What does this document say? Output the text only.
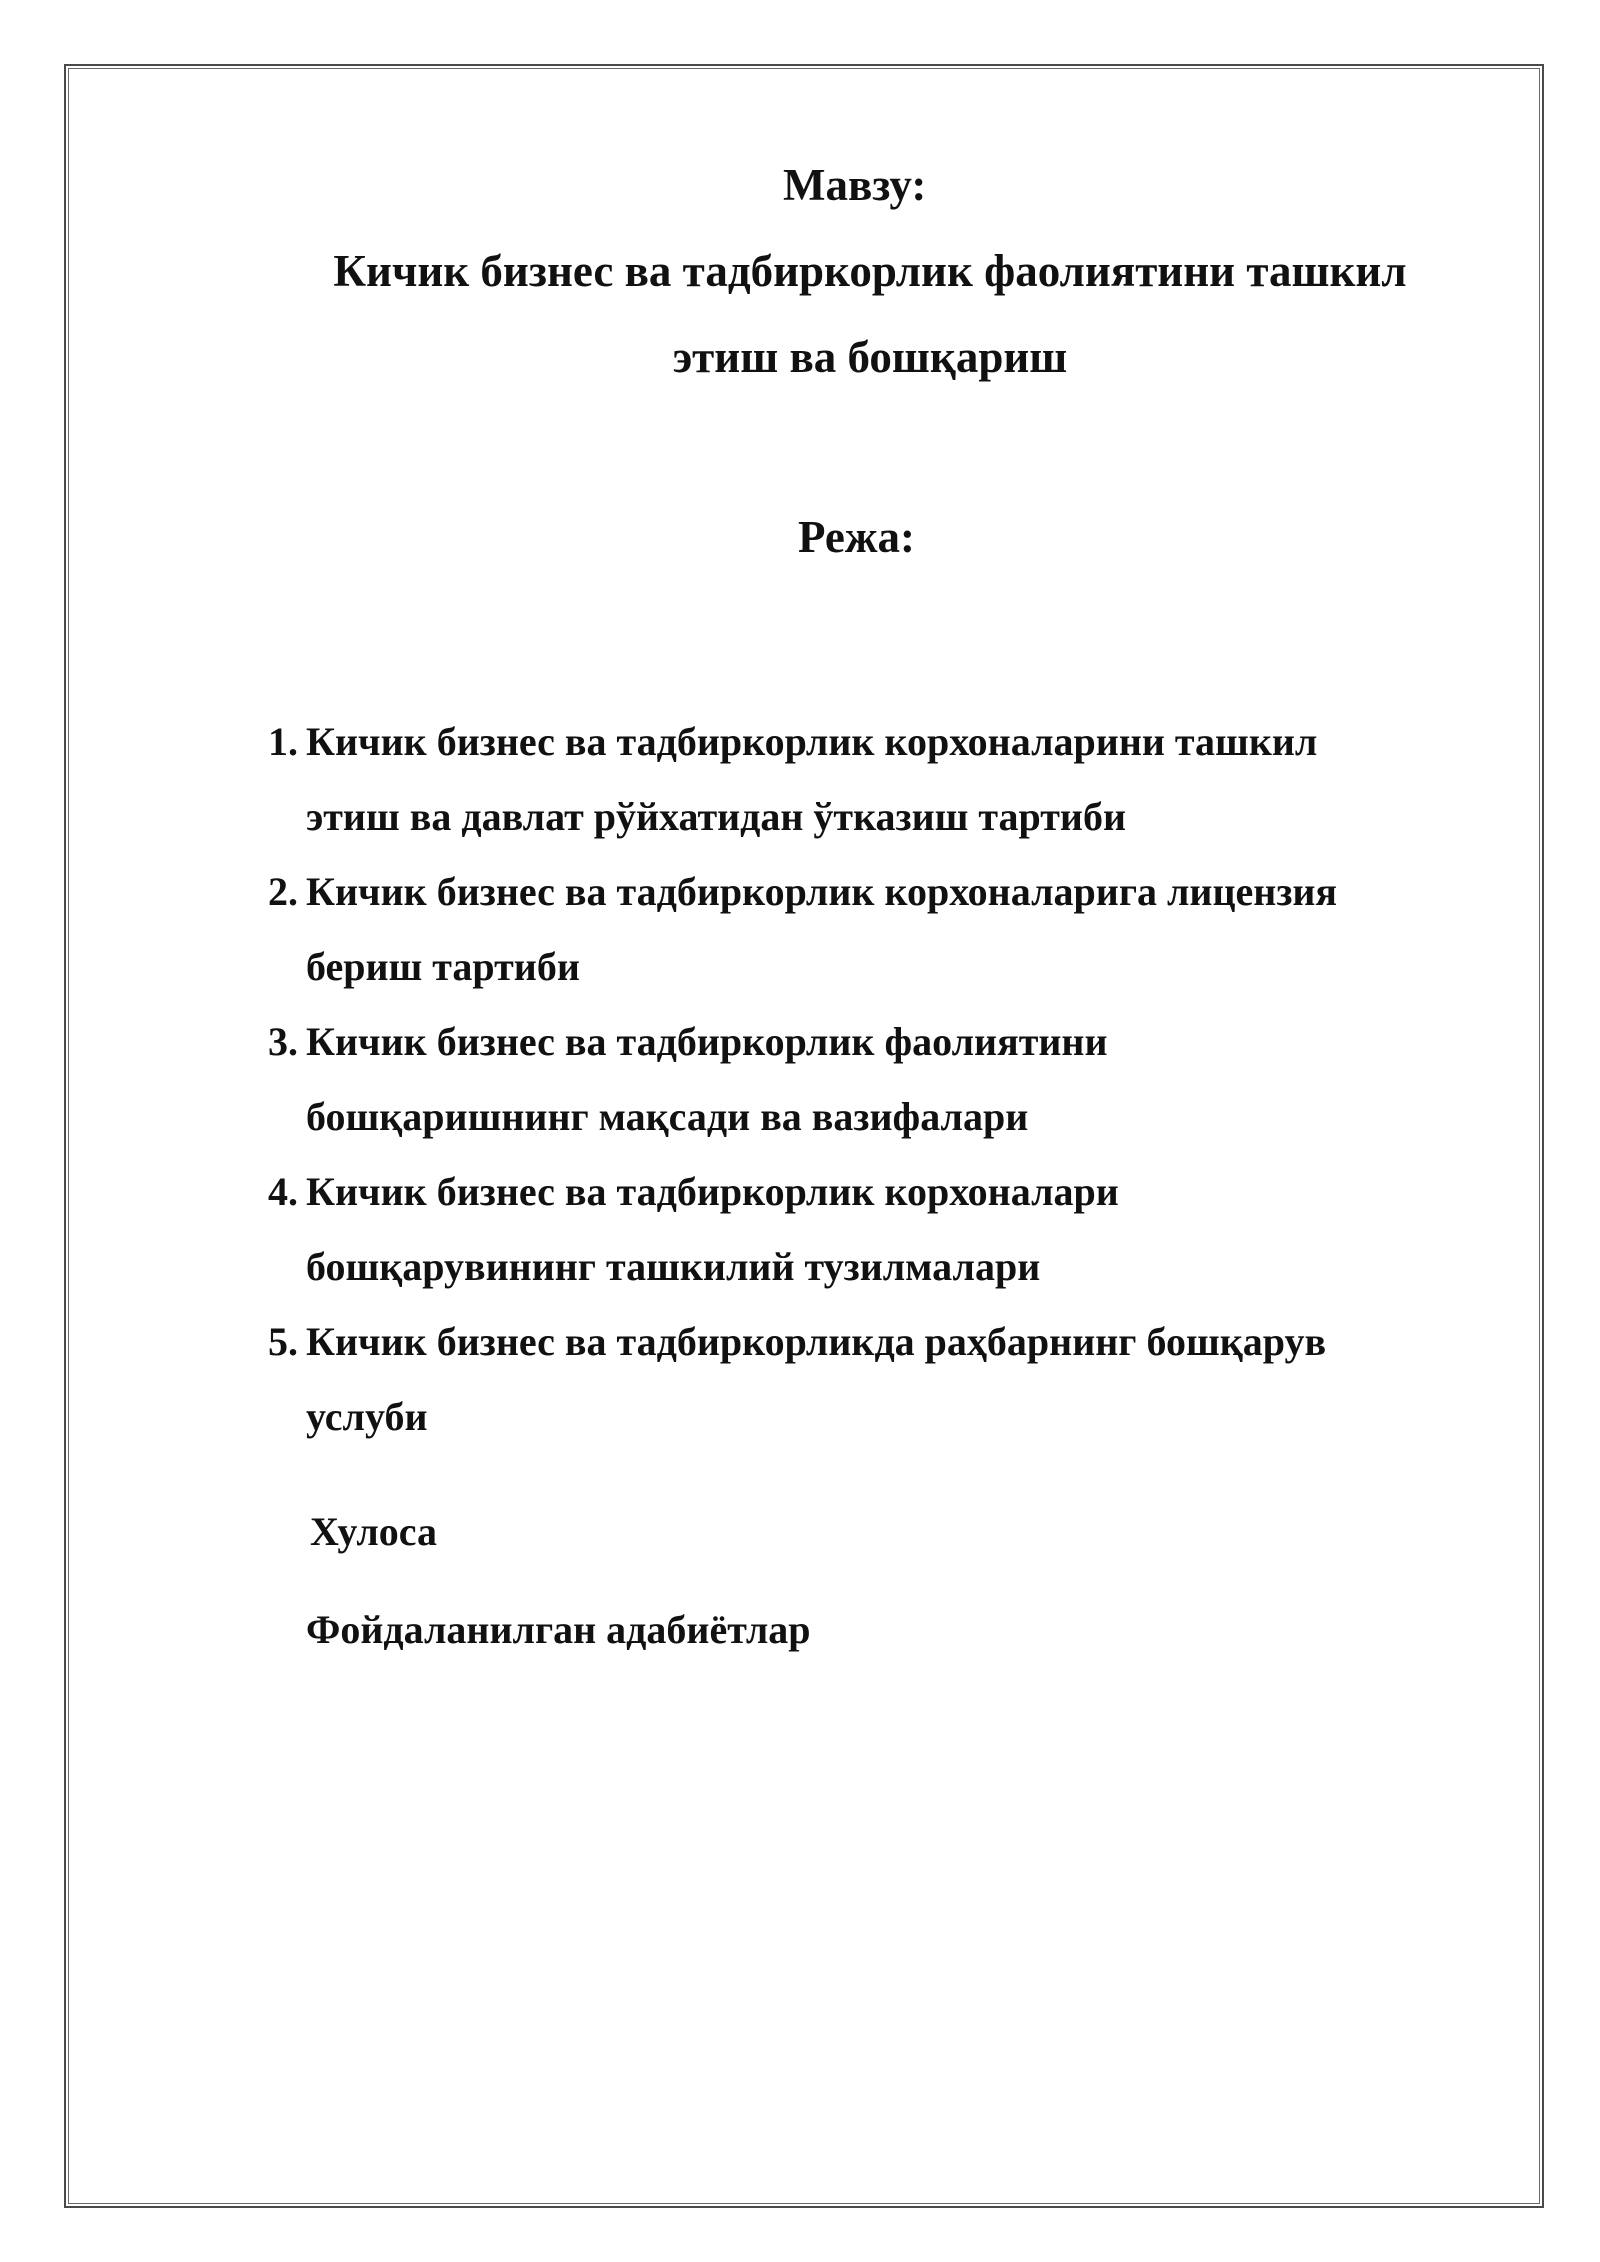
Мавзу:
Кичик бизнес ва тадбиркорлик фаолиятини ташкил
этиш ва бошқариш
Режа:
1. Кичик бизнес ва тадбиркорлик корхоналарини ташкил
этиш ва давлат рўйхатидан ўтказиш тартиби
2. Кичик бизнес ва тадбиркорлик корхоналарига лицензия
бериш тартиби
3. Кичик бизнес ва тадбиркорлик фаолиятини
бошқаришнинг мақсади ва вазифалари
4. Кичик бизнес ва тадбиркорлик корхоналари
бошқарувининг ташкилий тузилмалари
5. Кичик бизнес ва тадбиркорликда раҳбарнинг бошқарув
услуби
Хулоса
Фойдаланилган адабиётлар
